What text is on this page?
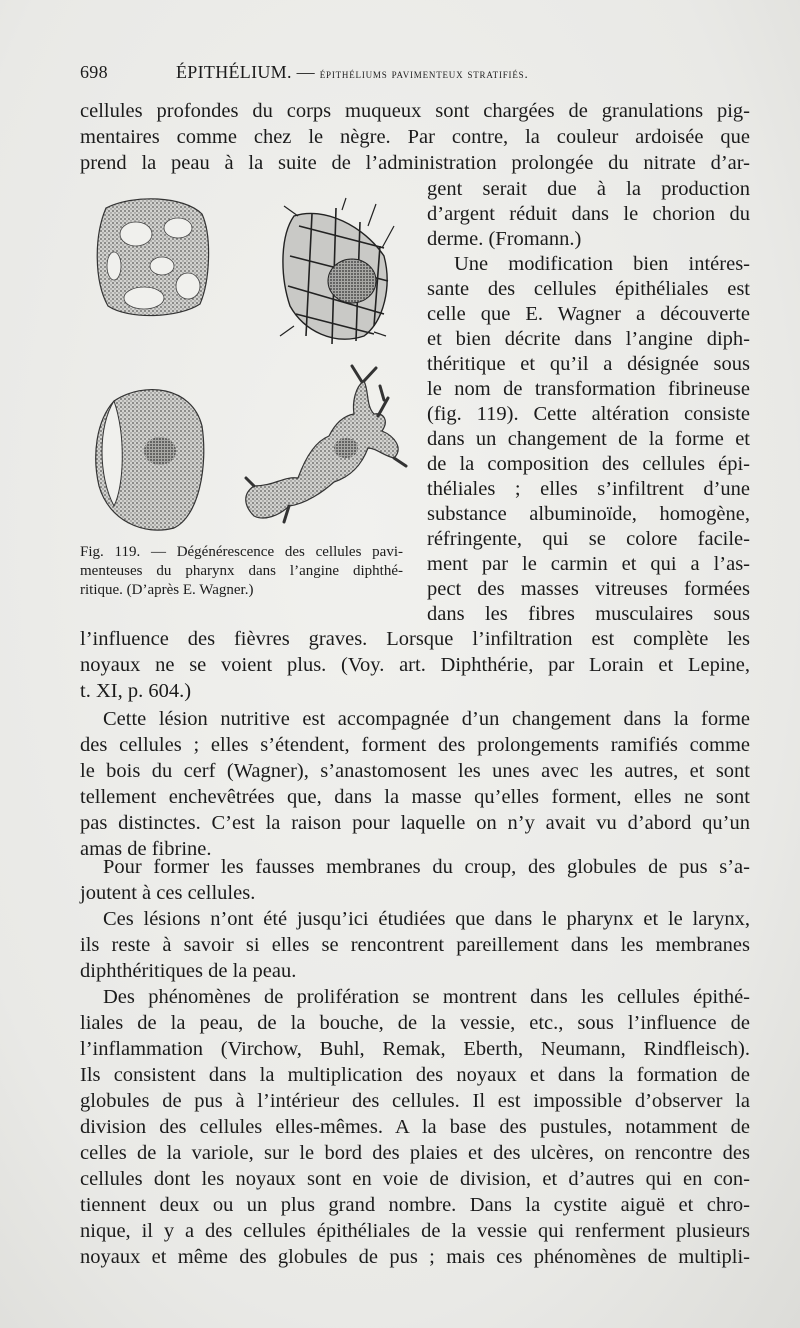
698	ÉPITHÉLIUM. — épithéliums pavimenteux stratifiés.
cellules profondes du corps muqueux sont chargées de granulations pig-
mentaires comme chez le nègre. Par contre, la couleur ardoisée que
prend la peau à la suite de l’administration prolongée du nitrate d’ar-
Fig. 119. — Dégénérescence des cellules pavi-
menteuses du pharynx dans l’angine diphthé-
ritique. (D’après E. Wagner.)
gent serait due à la production
d’argent réduit dans le chorion du
derme. (Fromann.)
Une modification bien intéres-
sante des cellules épithéliales est
celle que E. Wagner a découverte
et bien décrite dans l’angine diph-
théritique et qu’il a désignée sous
le nom de transformation fibrineuse
(fig. 119). Cette altération consiste
dans un changement de la forme et
de la composition des cellules épi-
théliales ; elles s’infiltrent d’une
substance albuminoïde, homogène,
réfringente, qui se colore facile-
ment par le carmin et qui a l’as-
pect des masses vitreuses formées
dans les fibres musculaires sous
l’influence des fièvres graves. Lorsque l’infiltration est complète les
noyaux ne se voient plus. (Voy. art. Diphthérie, par Lorain et Lepine,
t. XI, p. 604.)
Cette lésion nutritive est accompagnée d’un changement dans la forme
des cellules ; elles s’étendent, forment des prolongements ramifiés comme
le bois du cerf (Wagner), s’anastomosent les unes avec les autres, et sont
tellement enchevêtrées que, dans la masse qu’elles forment, elles ne sont
pas distinctes. C’est la raison pour laquelle on n’y avait vu d’abord qu’un
amas de fibrine.
Pour former les fausses membranes du croup, des globules de pus s’a-
joutent à ces cellules.
Ces lésions n’ont été jusqu’ici étudiées que dans le pharynx et le larynx,
ils reste à savoir si elles se rencontrent pareillement dans les membranes
diphthéritiques de la peau.
Des phénomènes de prolifération se montrent dans les cellules épithé-
liales de la peau, de la bouche, de la vessie, etc., sous l’influence de
l’inflammation (Virchow, Buhl, Remak, Eberth, Neumann, Rindfleisch).
Ils consistent dans la multiplication des noyaux et dans la formation de
globules de pus à l’intérieur des cellules. Il est impossible d’observer la
division des cellules elles-mêmes. A la base des pustules, notamment de
celles de la variole, sur le bord des plaies et des ulcères, on rencontre des
cellules dont les noyaux sont en voie de division, et d’autres qui en con-
tiennent deux ou un plus grand nombre. Dans la cystite aiguë et chro-
nique, il y a des cellules épithéliales de la vessie qui renferment plusieurs
noyaux et même des globules de pus ; mais ces phénomènes de multipli-
